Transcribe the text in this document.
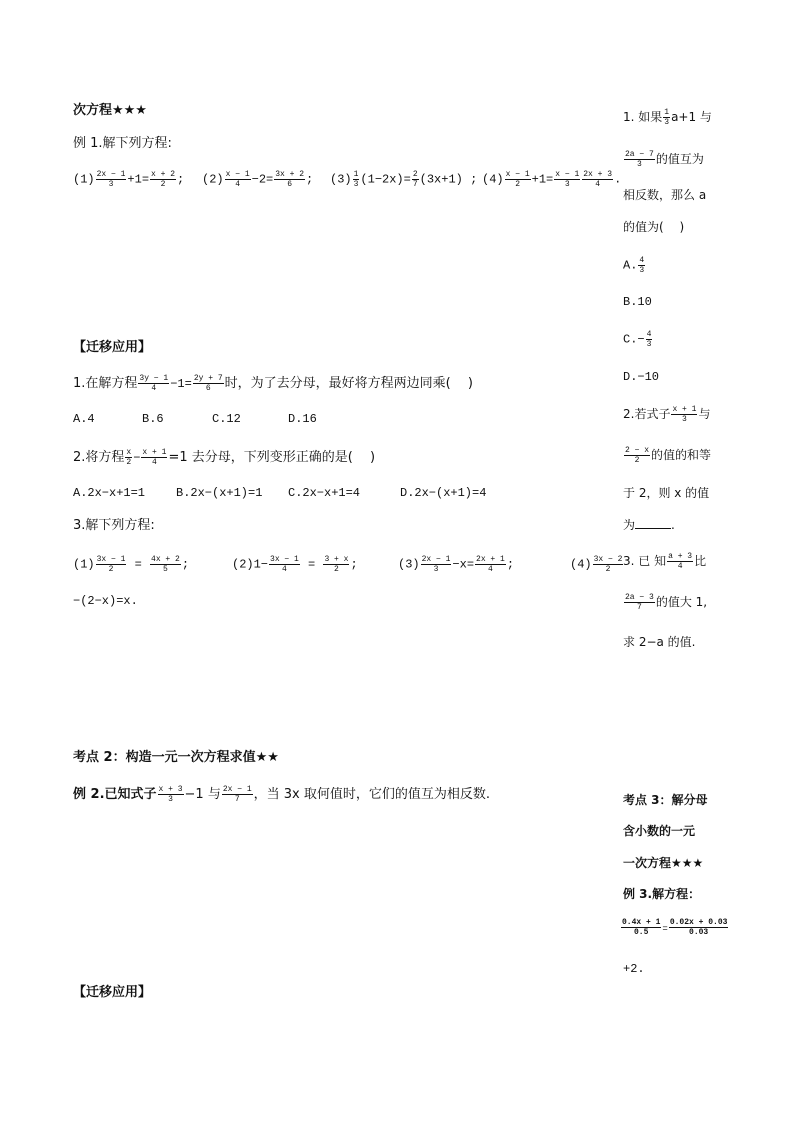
次方程★★★
例 1.解下列方程:
$(1) \frac{2x - 1}{3} +1= \frac{x + 2}{2}$ ; $(2) \frac{x - 1}{4} -2= \frac{3x + 2}{6}$ ; $(3) \frac{1}{3} (1-2x)= \frac{2}{7} (3x+1)$ ; $(4) \frac{x - 1}{2} +1= \frac{x - 1}{3} \frac{2x + 3}{4}$ .
【迁移应用】
1.在解方程 $\frac{3y - 1}{4} -1= \frac{2y + 7}{6}$ 时，为了去分母，最好将方程两边同乘(　 )
A.4	B.6	C.12	D.16
2.将方程 $\frac{x}{2} - \frac{x + 1}{4} =1$ 去分母，下列变形正确的是(　 )
A.2x−x+1=1	B.2x−(x+1)=1 C.2x−x+1=4	D.2x−(x+1)=4
3.解下列方程:
$(1) \frac{3x - 1}{2} = \frac{4x + 2}{5}$ ;	$(2)1- \frac{3x - 1}{4} = \frac{3 + x}{2}$ ;	$(3) \frac{2x - 1}{3} -x= \frac{2x + 1}{4}$ ;	$(4) \frac{3x - 2}{2}$
−(2−x)=x.
考点 2：构造一元一次方程求值★★
例 2.已知式子 $\frac{x + 3}{3} -1$ 与 $\frac{2x - 1}{7}$ ，当 3x 取何值时，它们的值互为相反数.
【迁移应用】
1. 如果 $\frac{1}{3} a+1$ 与
$\frac{2a - 7}{3}$ 的值互为
相反数，那么 a
的值为(　 )
A. $\frac{4}{3}$
B.10
$C.- \frac{4}{3}$
D.−10
2.若式子 $\frac{x + 1}{3}$ 与
$\frac{2 - x}{2}$ 的值的和等
于 2，则 x 的值
为	.
3. 已 知 $\frac{a + 3}{4}$ 比
$\frac{2a - 3}{7}$ 的值大 1,
求 2−a 的值.
考点 3：解分母
含小数的一元
一次方程★★★
例 3.解方程：
$\frac{0.4x + 1}{0.5} = \frac{0.02x + 0.03}{0.03}$
+2.
